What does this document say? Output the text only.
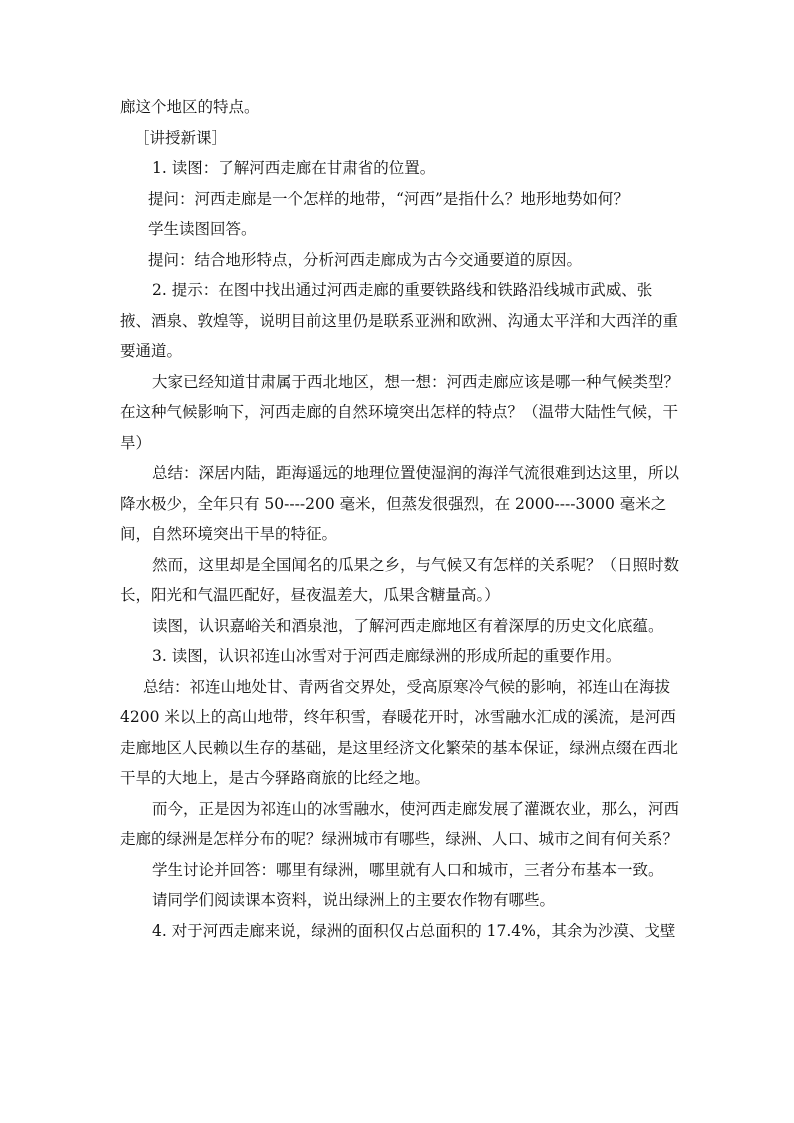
廊这个地区的特点。

［讲授新课］

1. 读图：了解河西走廊在甘肃省的位置。

提问：河西走廊是一个怎样的地带，“河西”是指什么？地形地势如何？

学生读图回答。

提问：结合地形特点，分析河西走廊成为古今交通要道的原因。

2. 提示：在图中找出通过河西走廊的重要铁路线和铁路沿线城市武威、张掖、酒泉、敦煌等，说明目前这里仍是联系亚洲和欧洲、沟通太平洋和大西洋的重要通道。

大家已经知道甘肃属于西北地区，想一想：河西走廊应该是哪一种气候类型？在这种气候影响下，河西走廊的自然环境突出怎样的特点？（温带大陆性气候，干旱）

总结：深居内陆，距海遥远的地理位置使湿润的海洋气流很难到达这里，所以降水极少，全年只有 50----200 毫米，但蒸发很强烈，在 2000----3000 毫米之间，自然环境突出干旱的特征。

然而，这里却是全国闻名的瓜果之乡，与气候又有怎样的关系呢？（日照时数长，阳光和气温匹配好，昼夜温差大，瓜果含糖量高。）

读图，认识嘉峪关和酒泉池，了解河西走廊地区有着深厚的历史文化底蕴。

3. 读图，认识祁连山冰雪对于河西走廊绿洲的形成所起的重要作用。

总结：祁连山地处甘、青两省交界处，受高原寒冷气候的影响，祁连山在海拔 4200 米以上的高山地带，终年积雪，春暖花开时，冰雪融水汇成的溪流，是河西走廊地区人民赖以生存的基础，是这里经济文化繁荣的基本保证，绿洲点缀在西北干旱的大地上，是古今驿路商旅的比经之地。

而今，正是因为祁连山的冰雪融水，使河西走廊发展了灌溉农业，那么，河西走廊的绿洲是怎样分布的呢？绿洲城市有哪些，绿洲、人口、城市之间有何关系？

学生讨论并回答：哪里有绿洲，哪里就有人口和城市，三者分布基本一致。

请同学们阅读课本资料，说出绿洲上的主要农作物有哪些。

4. 对于河西走廊来说，绿洲的面积仅占总面积的 17.4%，其余为沙漠、戈壁
